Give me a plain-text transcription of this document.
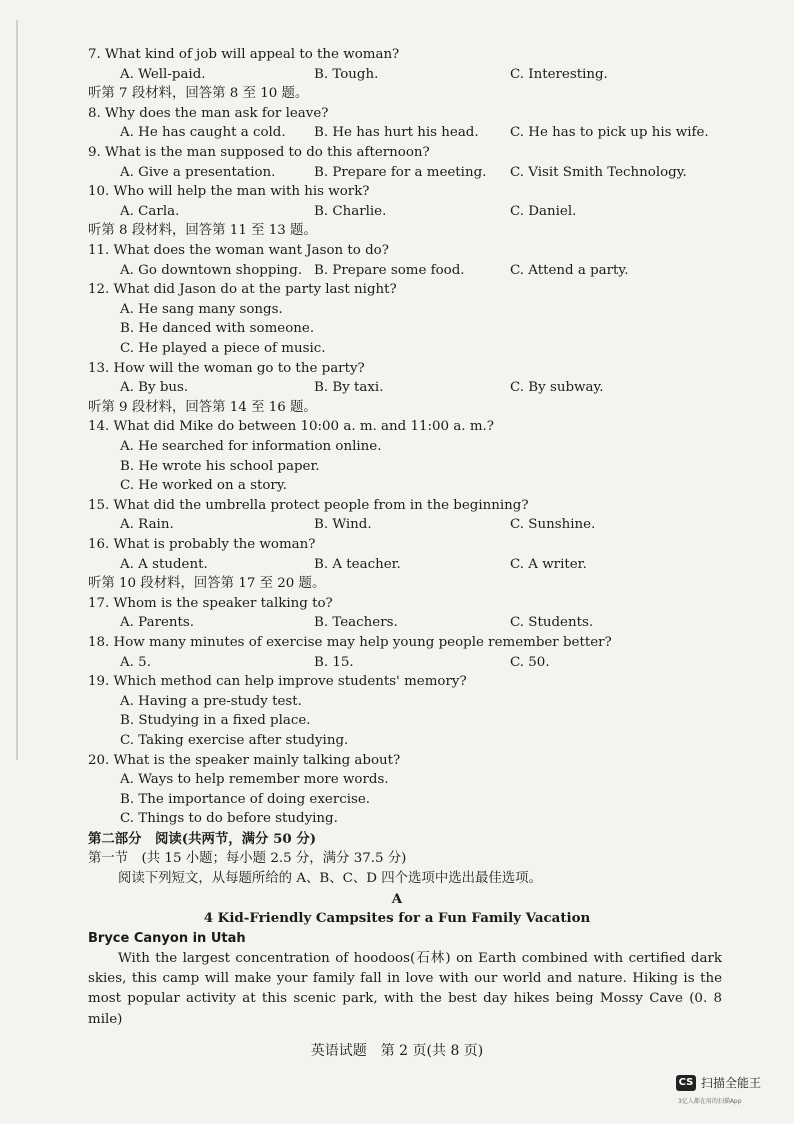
7. What kind of job will appeal to the woman?
A. Well-paid.	B. Tough.	C. Interesting.
听第 7 段材料，回答第 8 至 10 题。
8. Why does the man ask for leave?
A. He has caught a cold. B. He has hurt his head. C. He has to pick up his wife.
9. What is the man supposed to do this afternoon?
A. Give a presentation.	B. Prepare for a meeting. C. Visit Smith Technology.
10. Who will help the man with his work?
A. Carla.	B. Charlie.	C. Daniel.
听第 8 段材料，回答第 11 至 13 题。
11. What does the woman want Jason to do?
A. Go downtown shopping. B. Prepare some food.	C. Attend a party.
12. What did Jason do at the party last night?
A. He sang many songs.
B. He danced with someone.
C. He played a piece of music.
13. How will the woman go to the party?
A. By bus.	B. By taxi.	C. By subway.
听第 9 段材料，回答第 14 至 16 题。
14. What did Mike do between 10:00 a. m. and 11:00 a. m.?
A. He searched for information online.
B. He wrote his school paper.
C. He worked on a story.
15. What did the umbrella protect people from in the beginning?
A. Rain.	B. Wind.	C. Sunshine.
16. What is probably the woman?
A. A student.	B. A teacher.	C. A writer.
听第 10 段材料，回答第 17 至 20 题。
17. Whom is the speaker talking to?
A. Parents.	B. Teachers.	C. Students.
18. How many minutes of exercise may help young people remember better?
A. 5.	B. 15.	C. 50.
19. Which method can help improve students' memory?
A. Having a pre-study test.
B. Studying in a fixed place.
C. Taking exercise after studying.
20. What is the speaker mainly talking about?
A. Ways to help remember more words.
B. The importance of doing exercise.
C. Things to do before studying.
第二部分　阅读(共两节，满分 50 分)
第一节　(共 15 小题；每小题 2.5 分，满分 37.5 分)
阅读下列短文，从每题所给的 A、B、C、D 四个选项中选出最佳选项。
A
4 Kid-Friendly Campsites for a Fun Family Vacation
Bryce Canyon in Utah
With the largest concentration of hoodoos(石林) on Earth combined with certified dark skies, this camp will make your family fall in love with our world and nature. Hiking is the most popular activity at this scenic park, with the best day hikes being Mossy Cave (0. 8 mile)
英语试题　第 2 页(共 8 页)
CS 扫描全能王
3亿人都在用的扫描App
